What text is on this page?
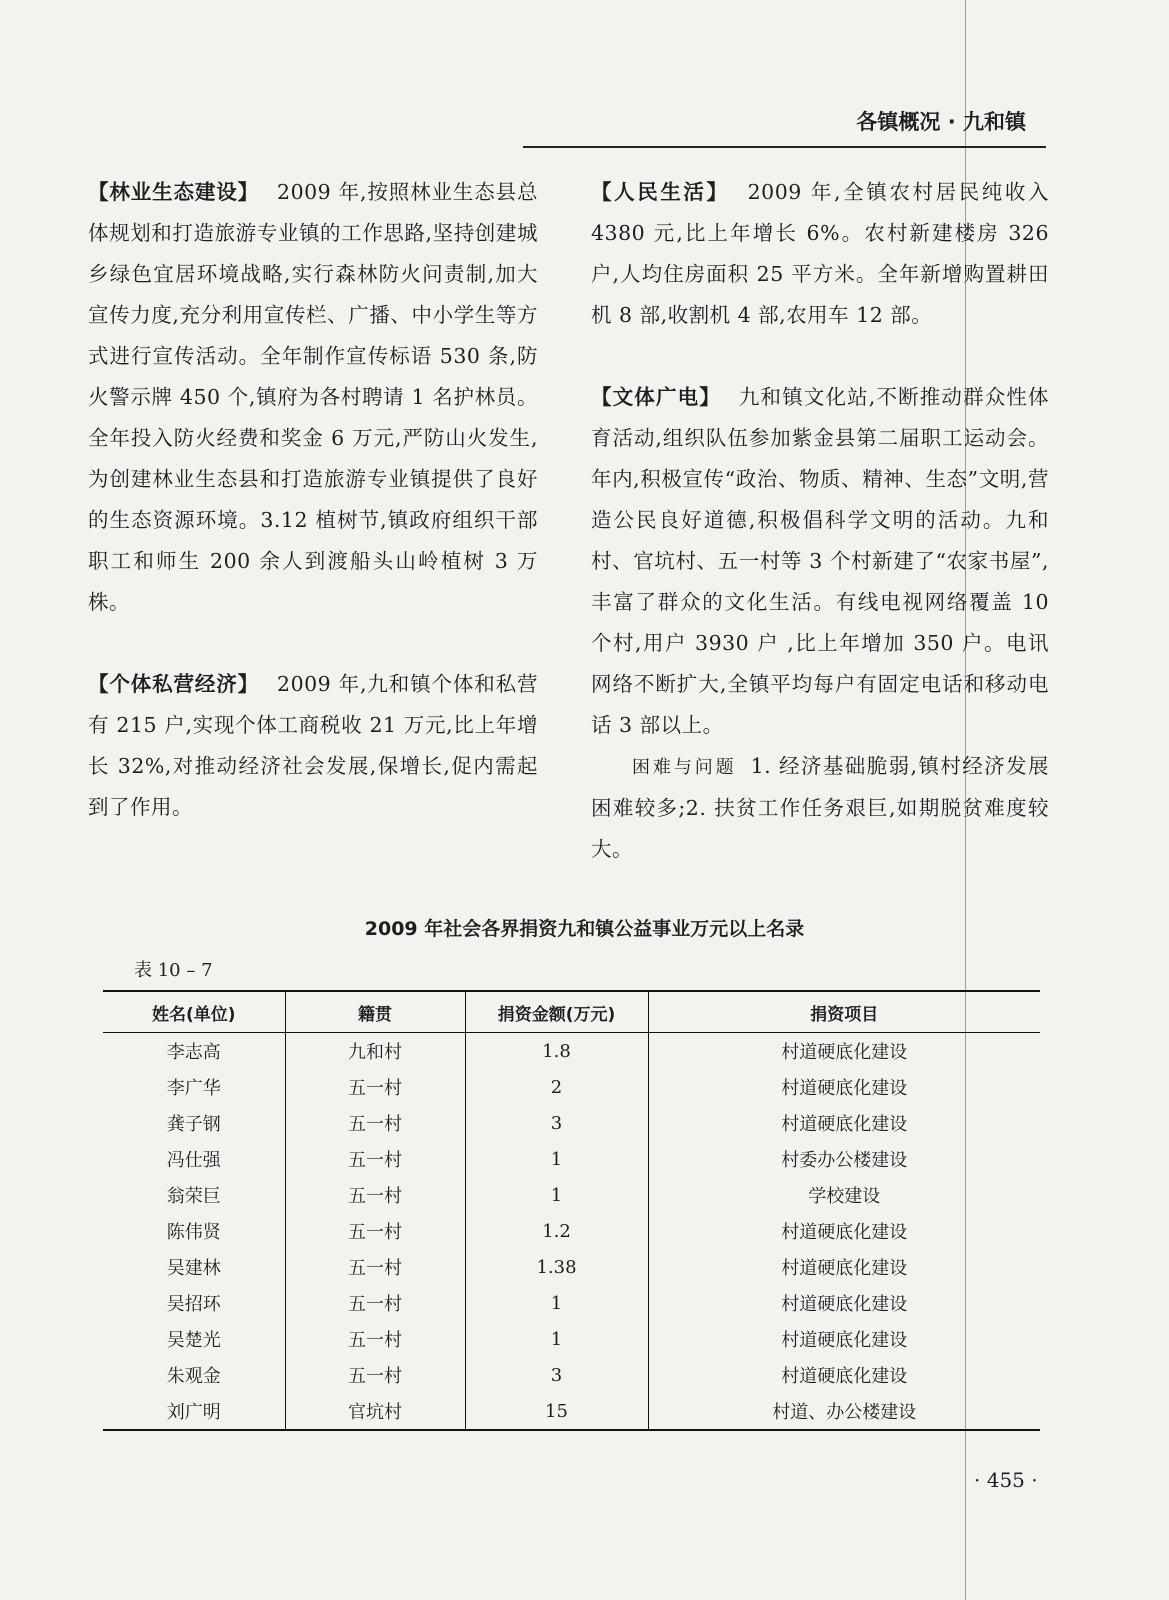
各镇概况 · 九和镇

【林业生态建设】 2009 年,按照林业生态县总体规划和打造旅游专业镇的工作思路,坚持创建城乡绿色宜居环境战略,实行森林防火问责制,加大宣传力度,充分利用宣传栏、广播、中小学生等方式进行宣传活动。全年制作宣传标语 530 条,防火警示牌 450 个,镇府为各村聘请 1 名护林员。全年投入防火经费和奖金 6 万元,严防山火发生,为创建林业生态县和打造旅游专业镇提供了良好的生态资源环境。3.12 植树节,镇政府组织干部职工和师生 200 余人到渡船头山岭植树 3 万株。

【个体私营经济】 2009 年,九和镇个体和私营有 215 户,实现个体工商税收 21 万元,比上年增长 32%,对推动经济社会发展,保增长,促内需起到了作用。

【人民生活】 2009 年,全镇农村居民纯收入 4380 元,比上年增长 6%。农村新建楼房 326 户,人均住房面积 25 平方米。全年新增购置耕田机 8 部,收割机 4 部,农用车 12 部。

【文体广电】 九和镇文化站,不断推动群众性体育活动,组织队伍参加紫金县第二届职工运动会。年内,积极宣传“政治、物质、精神、生态”文明,营造公民良好道德,积极倡科学文明的活动。九和村、官坑村、五一村等 3 个村新建了“农家书屋”,丰富了群众的文化生活。有线电视网络覆盖 10 个村,用户 3930 户 ,比上年增加 350 户。电讯网络不断扩大,全镇平均每户有固定电话和移动电话 3 部以上。

困难与问题 1. 经济基础脆弱,镇村经济发展困难较多;2. 扶贫工作任务艰巨,如期脱贫难度较大。

2009 年社会各界捐资九和镇公益事业万元以上名录
表 10 – 7
姓名(单位)	籍贯	捐资金额(万元)	捐资项目
李志高	九和村	1.8	村道硬底化建设
李广华	五一村	2	村道硬底化建设
龚子钢	五一村	3	村道硬底化建设
冯仕强	五一村	1	村委办公楼建设
翁荣巨	五一村	1	学校建设
陈伟贤	五一村	1.2	村道硬底化建设
吴建林	五一村	1.38	村道硬底化建设
吴招环	五一村	1	村道硬底化建设
吴楚光	五一村	1	村道硬底化建设
朱观金	五一村	3	村道硬底化建设
刘广明	官坑村	15	村道、办公楼建设
· 455 ·
